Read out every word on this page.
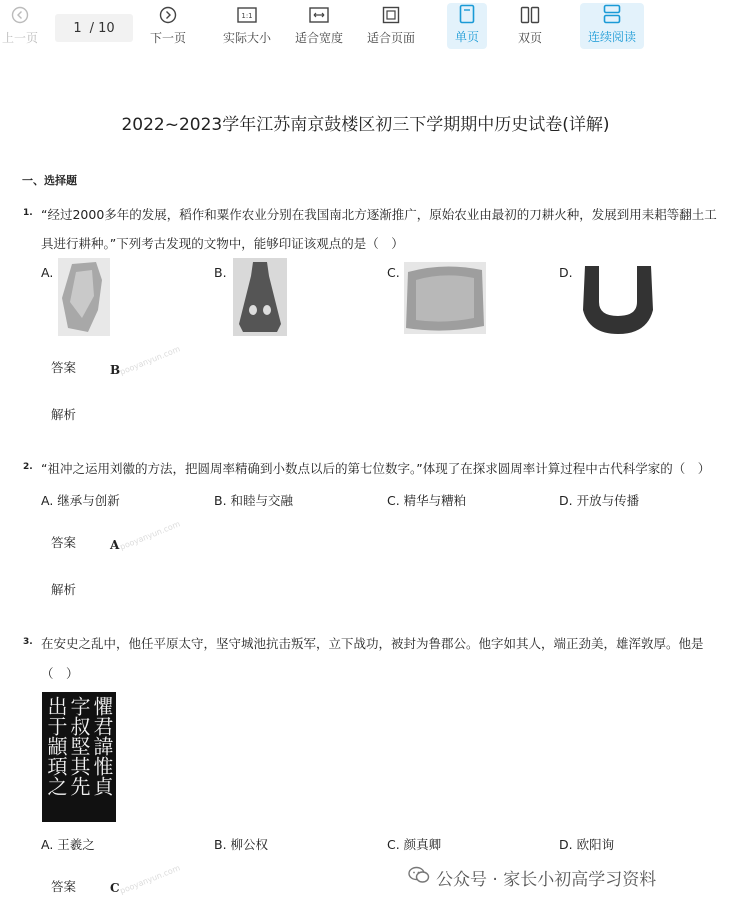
上一页
1 / 10
下一页
1:1
实际大小 适合宽度 适合页面	单页	双页	连续阅读
2022~2023学年江苏南京鼓楼区初三下学期期中历史试卷(详解)
一、选择题
1. “经过2000多年的发展，稻作和粟作农业分别在我国南北方逐渐推广，原始农业由最初的刀耕火种，发展到用耒耜等翻土工
具进行耕种。”下列考古发现的文物中，能够印证该观点的是（　）
A.	B.	C.	D.
答案	B
pooyanyun.com
解析
2. “祖冲之运用刘徽的方法，把圆周率精确到小数点以后的第七位数字。”体现了在探求圆周率计算过程中古代科学家的（　）
A. 继承与创新	B. 和睦与交融	C. 精华与糟粕	D. 开放与传播
答案	A pooyanyun.com
解析
3. 在安史之乱中，他任平原太守，坚守城池抗击叛军，立下战功，被封为鲁郡公。他字如其人，端正劲美，雄浑敦厚。他是
（　）
懼君諱惟貞
字叔堅其先
出于顓頊之
A. 王羲之	B. 柳公权	C. 颜真卿	D. 欧阳询
答案	C pooyanyun.com	公众号 · 家长小初高学习资料
